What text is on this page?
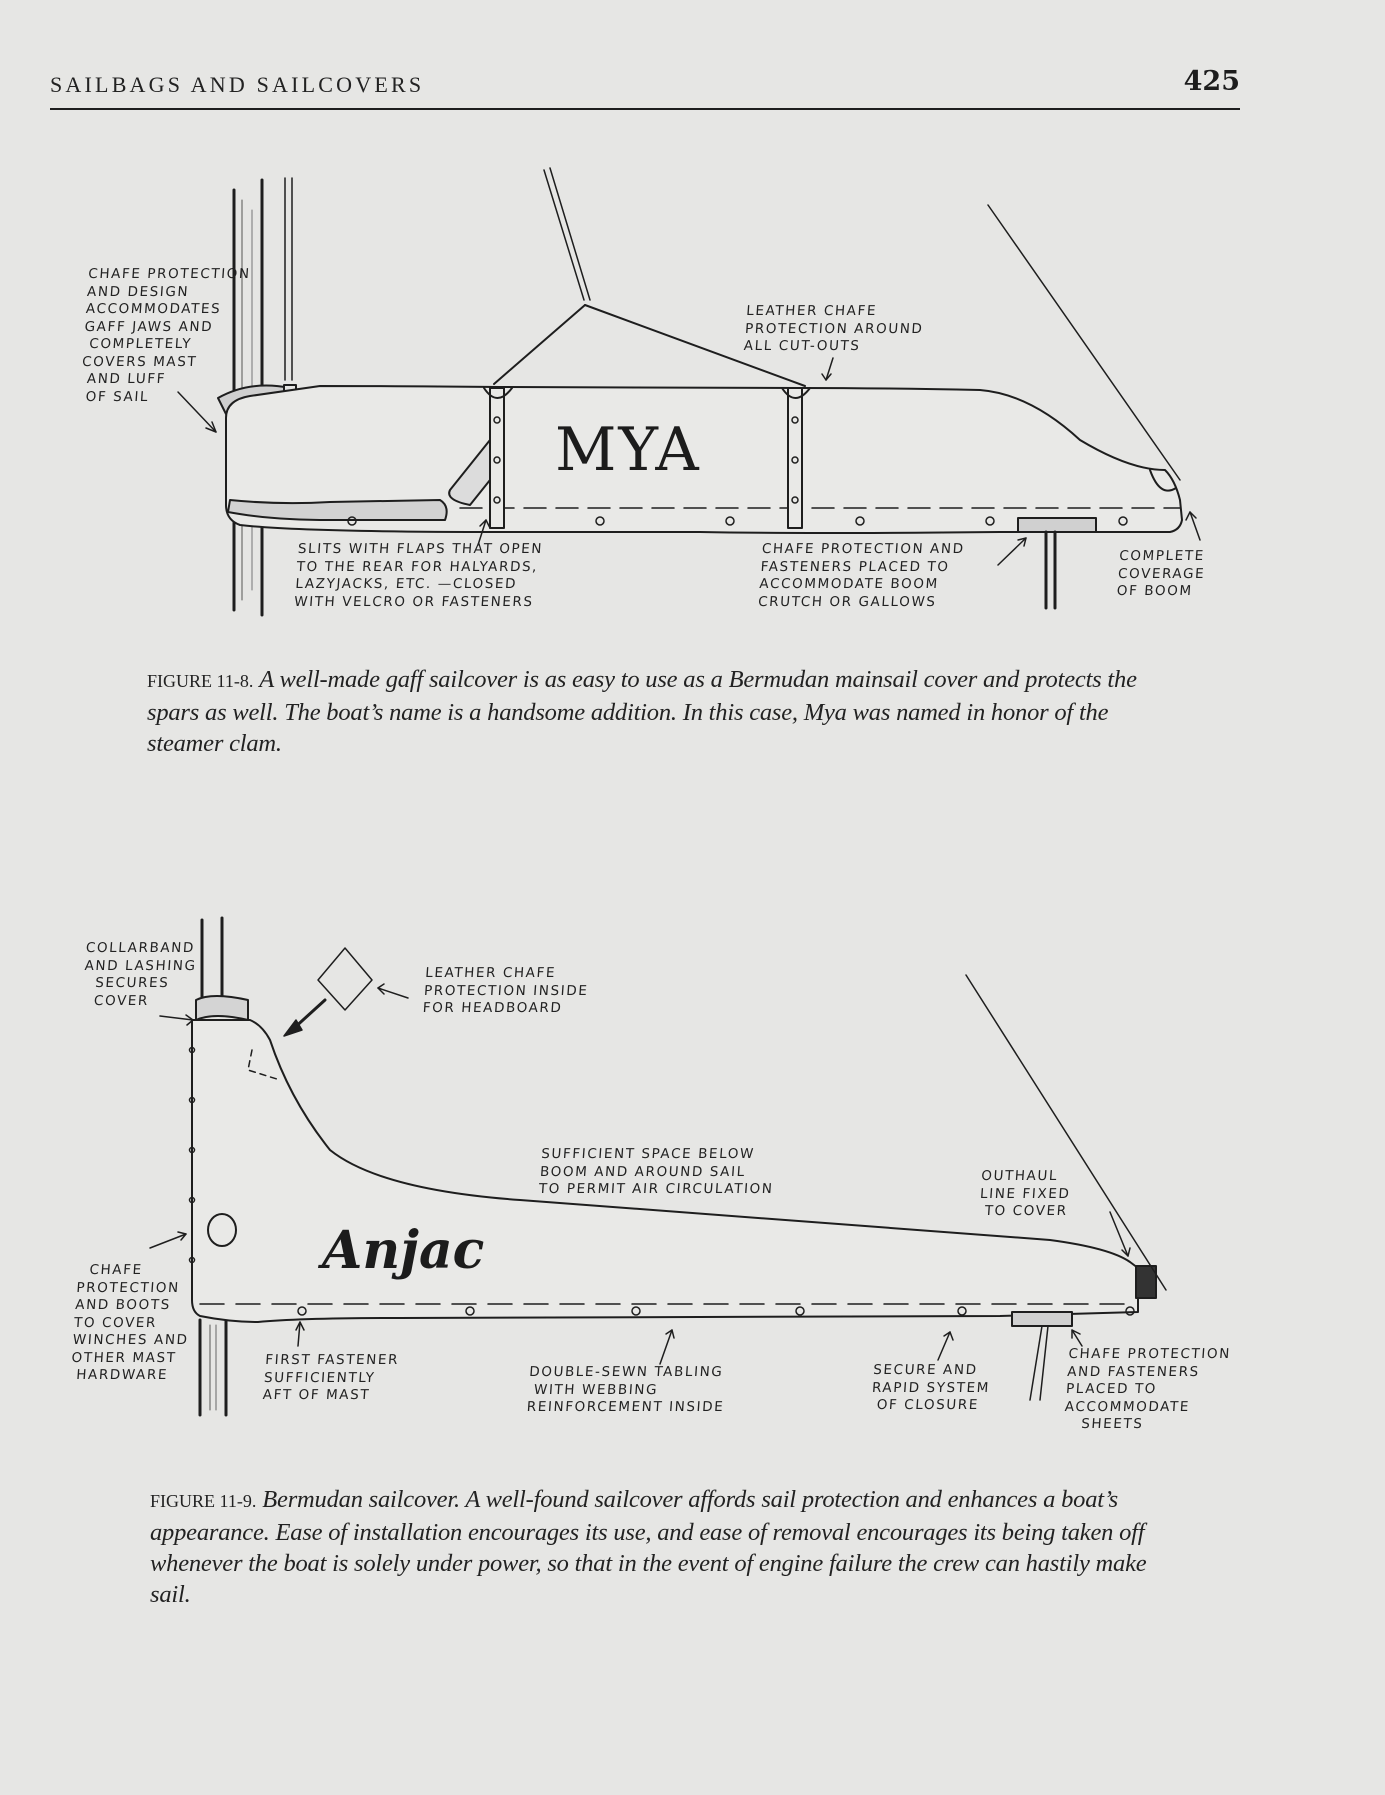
SAILBAGS AND SAILCOVERS	425
CHAFE PROTECTION
AND DESIGN
ACCOMMODATES
GAFF JAWS AND
COMPLETELY
COVERS MAST
AND LUFF
OF SAIL
LEATHER CHAFE
PROTECTION AROUND
ALL CUT-OUTS
MYA
SLITS WITH FLAPS THAT OPEN
TO THE REAR FOR HALYARDS,
LAZYJACKS, ETC. —CLOSED
WITH VELCRO OR FASTENERS
CHAFE PROTECTION AND
FASTENERS PLACED TO
ACCOMMODATE BOOM
CRUTCH OR GALLOWS
COMPLETE
COVERAGE
OF BOOM
FIGURE 11-8. A well-made gaff sailcover is as easy to use as a Bermudan mainsail cover and protects the spars as well. The boat’s name is a handsome addition. In this case, Mya was named in honor of the steamer clam.
COLLARBAND
AND LASHING
SECURES
COVER
LEATHER CHAFE
PROTECTION INSIDE
FOR HEADBOARD
SUFFICIENT SPACE BELOW
BOOM AND AROUND SAIL
TO PERMIT AIR CIRCULATION
OUTHAUL
LINE FIXED
TO COVER
Anjac
CHAFE
PROTECTION
AND BOOTS
TO COVER
WINCHES AND
OTHER MAST
HARDWARE
FIRST FASTENER
SUFFICIENTLY
AFT OF MAST
DOUBLE-SEWN TABLING
WITH WEBBING
REINFORCEMENT INSIDE
SECURE AND
RAPID SYSTEM
OF CLOSURE
CHAFE PROTECTION
AND FASTENERS
PLACED TO
ACCOMMODATE
SHEETS
FIGURE 11-9. Bermudan sailcover. A well-found sailcover affords sail protection and enhances a boat’s appearance. Ease of installation encourages its use, and ease of removal encourages its being taken off whenever the boat is solely under power, so that in the event of engine failure the crew can hastily make sail.
